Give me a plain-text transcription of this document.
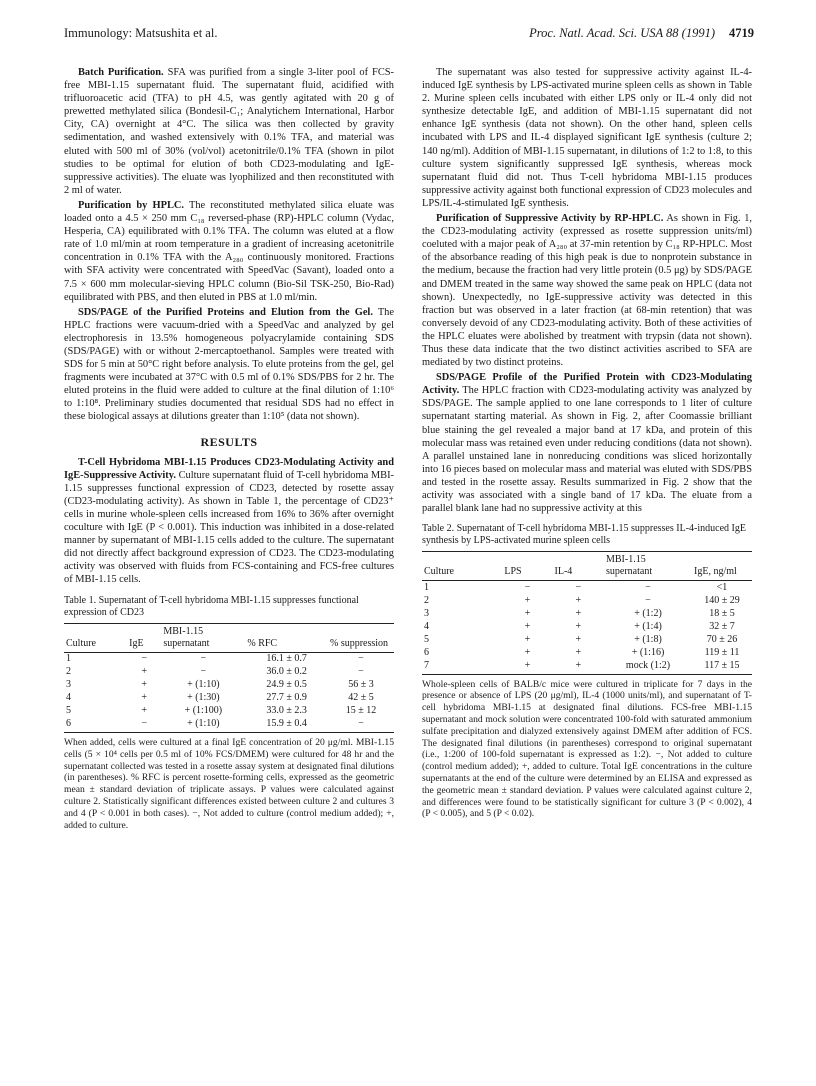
Immunology: Matsushita et al.	Proc. Natl. Acad. Sci. USA 88 (1991) 4719

Batch Purification. SFA was purified from a single 3-liter pool of FCS-free MBI-1.15 supernatant fluid. The supernatant fluid, acidified with trifluoroacetic acid (TFA) to pH 4.5, was gently agitated with 20 g of prewetted methylated silica (Bondesil-C₁; Analytichem International, Harbor City, CA) overnight at 4°C. The silica was then collected by gravity sedimentation, and washed extensively with 0.1% TFA, and material was eluted with 500 ml of 30% (vol/vol) acetonitrile/0.1% TFA (shown in pilot studies to be optimal for elution of both CD23-modulating and IgE-suppressive activities). The eluate was lyophilized and then reconstituted with 2 ml of water.

Purification by HPLC. The reconstituted methylated silica eluate was loaded onto a 4.5 × 250 mm C₁₈ reversed-phase (RP)-HPLC column (Vydac, Hesperia, CA) equilibrated with 0.1% TFA. The column was eluted at a flow rate of 1.0 ml/min at room temperature in a gradient of increasing acetonitrile concentration in 0.1% TFA with the A₂₈₀ continuously monitored. Fractions with SFA activity were concentrated with SpeedVac (Savant), loaded onto a 7.5 × 600 mm molecular-sieving HPLC column (Bio-Sil TSK-250, Bio-Rad) equilibrated with PBS, and then eluted in PBS at 1.0 ml/min.

SDS/PAGE of the Purified Proteins and Elution from the Gel. The HPLC fractions were vacuum-dried with a SpeedVac and analyzed by gel electrophoresis in 13.5% homogeneous polyacrylamide containing SDS (SDS/PAGE) with or without 2-mercaptoethanol. Samples were treated with SDS for 5 min at 50°C right before analysis. To elute proteins from the gel, gel fragments were incubated at 37°C with 0.5 ml of 0.1% SDS/PBS for 2 hr. The eluted proteins in the fluid were added to culture at the final dilution of 1:10⁶ to 1:10⁸. Preliminary studies documented that residual SDS had no effect in these biological assays at dilutions greater than 1:10⁵ (data not shown).

RESULTS

T-Cell Hybridoma MBI-1.15 Produces CD23-Modulating Activity and IgE-Suppressive Activity. Culture supernatant fluid of T-cell hybridoma MBI-1.15 suppresses functional expression of CD23, detected by rosette assay (CD23-modulating activity). As shown in Table 1, the percentage of CD23⁺ cells in murine whole-spleen cells increased from 16% to 36% after overnight coculture with IgE (P < 0.001). This induction was inhibited in a dose-related manner by supernatant of MBI-1.15 cells added to the culture. The supernatant did not directly affect background expression of CD23. The CD23-modulating activity was observed with fluids from FCS-containing and FCS-free cultures of MBI-1.15 cells.

Table 1. Supernatant of T-cell hybridoma MBI-1.15 suppresses functional expression of CD23
Culture	IgE	MBI-1.15 supernatant	% RFC	% suppression
1	−	−	16.1 ± 0.7	−
2	+	−	36.0 ± 0.2	−
3	+	+ (1:10)	24.9 ± 0.5	56 ± 3
4	+	+ (1:30)	27.7 ± 0.9	42 ± 5
5	+	+ (1:100)	33.0 ± 2.3	15 ± 12
6	−	+ (1:10)	15.9 ± 0.4	−

When added, cells were cultured at a final IgE concentration of 20 μg/ml. MBI-1.15 cells (5 × 10⁴ cells per 0.5 ml of 10% FCS/DMEM) were cultured for 48 hr and the supernatant collected was tested in a rosette assay system at designated final dilutions (in parentheses). % RFC is percent rosette-forming cells, expressed as the geometric mean ± standard deviation of triplicate assays. P values were calculated against culture 2. Statistically significant differences existed between culture 2 and cultures 3 and 4 (P < 0.001 in both cases). −, Not added to culture (control medium added); +, added to culture.

The supernatant was also tested for suppressive activity against IL-4-induced IgE synthesis by LPS-activated murine spleen cells as shown in Table 2. Murine spleen cells incubated with either LPS only or IL-4 only did not synthesize detectable IgE, and addition of MBI-1.15 supernatant did not enhance IgE synthesis (data not shown). On the other hand, spleen cells incubated with LPS and IL-4 displayed significant IgE synthesis (culture 2; 140 ng/ml). Addition of MBI-1.15 supernatant, in dilutions of 1:2 to 1:8, to this culture system significantly suppressed IgE synthesis, whereas mock supernatant fluid did not. Thus T-cell hybridoma MBI-1.15 produces suppressive activity against both functional expression of CD23 molecules and LPS/IL-4-stimulated IgE synthesis.

Purification of Suppressive Activity by RP-HPLC. As shown in Fig. 1, the CD23-modulating activity (expressed as rosette suppression units/ml) coeluted with a major peak of A₂₈₀ at 37-min retention by C₁₈ RP-HPLC. Most of the absorbance reading of this high peak is due to nonprotein substance in the medium, because the fraction had very little protein (0.5 μg) by SDS/PAGE and DMEM treated in the same way showed the same peak on HPLC (data not shown). Unexpectedly, no IgE-suppressive activity was detected in this fraction but was observed in a later fraction (at 68-min retention) that was conversely devoid of any CD23-modulating activity. Both of these activities of the HPLC eluates were abolished by treatment with trypsin (data not shown). Thus these data indicate that the two distinct activities ascribed to SFA are mediated by two distinct proteins.

SDS/PAGE Profile of the Purified Protein with CD23-Modulating Activity. The HPLC fraction with CD23-modulating activity was analyzed by SDS/PAGE. The sample applied to one lane corresponds to 1 liter of culture supernatant starting material. As shown in Fig. 2, after Coomassie brilliant blue staining the gel revealed a major band at 17 kDa, and protein of this molecular mass was retained even under reducing conditions (data not shown). A parallel unstained lane in nonreducing conditions was sliced horizontally into 16 pieces based on molecular mass and material was eluted with SDS/PBS and tested in the rosette assay. Results summarized in Fig. 2 show that the activity was associated with a single band of 17 kDa. The eluate from a parallel blank lane had no suppressive activity at this

Table 2. Supernatant of T-cell hybridoma MBI-1.15 suppresses IL-4-induced IgE synthesis by LPS-activated murine spleen cells
Culture	LPS	IL-4	MBI-1.15 supernatant	IgE, ng/ml
1	−	−	−	<1
2	+	+	−	140 ± 29
3	+	+	+ (1:2)	18 ± 5
4	+	+	+ (1:4)	32 ± 7
5	+	+	+ (1:8)	70 ± 26
6	+	+	+ (1:16)	119 ± 11
7	+	+	mock (1:2)	117 ± 15

Whole-spleen cells of BALB/c mice were cultured in triplicate for 7 days in the presence or absence of LPS (20 μg/ml), IL-4 (1000 units/ml), and supernatant of T-cell hybridoma MBI-1.15 at designated final dilutions. FCS-free MBI-1.15 supernatant and mock solution were concentrated 100-fold with saturated ammonium sulfate precipitation and dialyzed extensively against DMEM after addition of FCS. The designated final dilutions (in parentheses) correspond to original supernatant (i.e., 1:200 of 100-fold supernatant is expressed as 1:2). −, Not added to culture (control medium added); +, added to culture. Total IgE concentrations in the culture supernatants at the end of the culture were determined by an ELISA and expressed as the geometric mean ± standard deviation. P values were calculated against culture 2, and differences were found to be statistically significant for culture 3 (P < 0.002), 4 (P < 0.005), and 5 (P < 0.02).
